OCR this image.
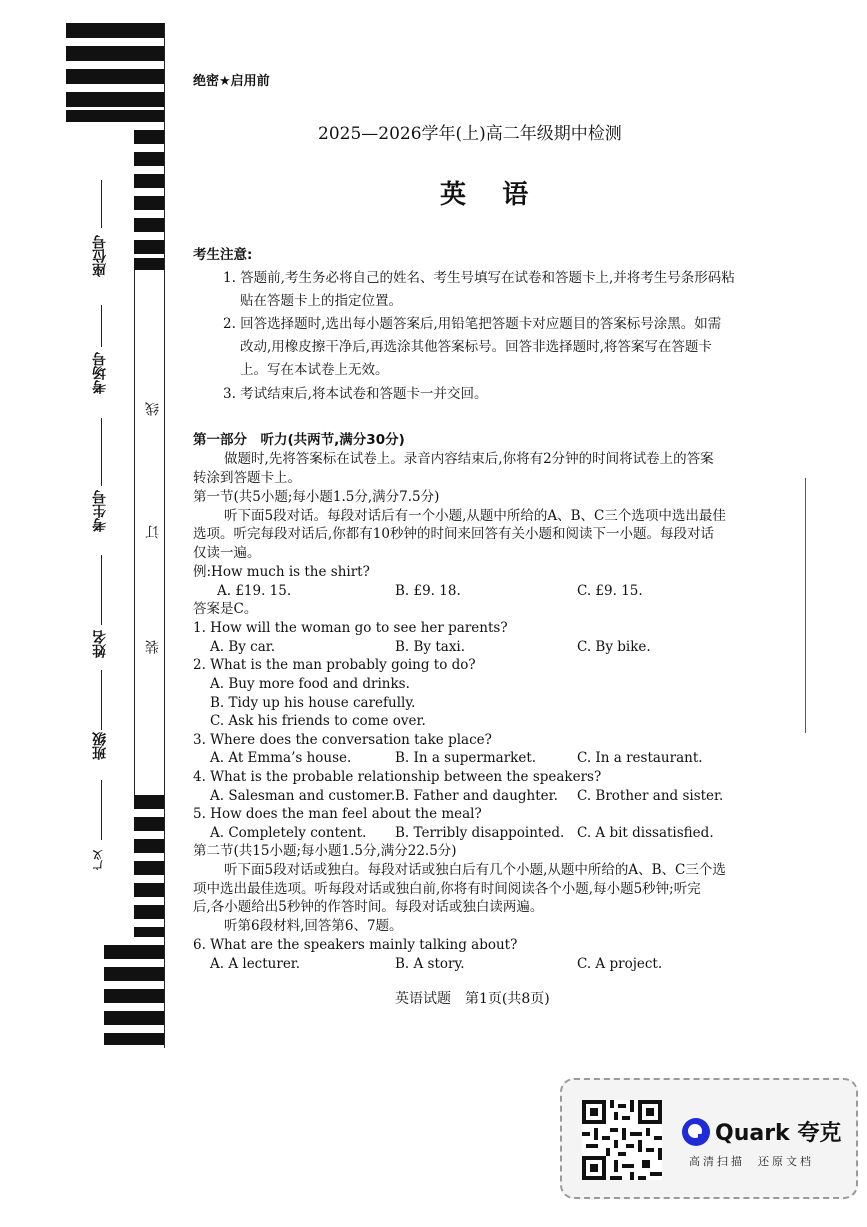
座位号
考场号
考生号
姓名
班级
广义
线
订
装
绝密★启用前
2025—2026学年(上)高二年级期中检测
英    语
考生注意:
1. 答题前,考生务必将自己的姓名、考生号填写在试卷和答题卡上,并将考生号条形码粘
贴在答题卡上的指定位置。
2. 回答选择题时,选出每小题答案后,用铅笔把答题卡对应题目的答案标号涂黑。如需
改动,用橡皮擦干净后,再选涂其他答案标号。回答非选择题时,将答案写在答题卡
上。写在本试卷上无效。
3. 考试结束后,将本试卷和答题卡一并交回。
第一部分　听力(共两节,满分30分)
做题时,先将答案标在试卷上。录音内容结束后,你将有2分钟的时间将试卷上的答案
转涂到答题卡上。
第一节(共5小题;每小题1.5分,满分7.5分)
听下面5段对话。每段对话后有一个小题,从题中所给的A、B、C三个选项中选出最佳
选项。听完每段对话后,你都有10秒钟的时间来回答有关小题和阅读下一小题。每段对话
仅读一遍。
例:How much is the shirt?
A. £19. 15.	B. £9. 18.	C. £9. 15.
答案是C。
1. How will the woman go to see her parents?
A. By car.	B. By taxi.	C. By bike.
2. What is the man probably going to do?
A. Buy more food and drinks.
B. Tidy up his house carefully.
C. Ask his friends to come over.
3. Where does the conversation take place?
A. At Emma’s house.	B. In a supermarket.	C. In a restaurant.
4. What is the probable relationship between the speakers?
A. Salesman and customer. B. Father and daughter. C. Brother and sister.
5. How does the man feel about the meal?
A. Completely content. B. Terribly disappointed. C. A bit dissatisfied.
第二节(共15小题;每小题1.5分,满分22.5分)
听下面5段对话或独白。每段对话或独白后有几个小题,从题中所给的A、B、C三个选
项中选出最佳选项。听每段对话或独白前,你将有时间阅读各个小题,每小题5秒钟;听完
后,各小题给出5秒钟的作答时间。每段对话或独白读两遍。
听第6段材料,回答第6、7题。
6. What are the speakers mainly talking about?
A. A lecturer.	B. A story.	C. A project.
英语试题　第1页(共8页)
Quark 夸克
高清扫描  还原文档
